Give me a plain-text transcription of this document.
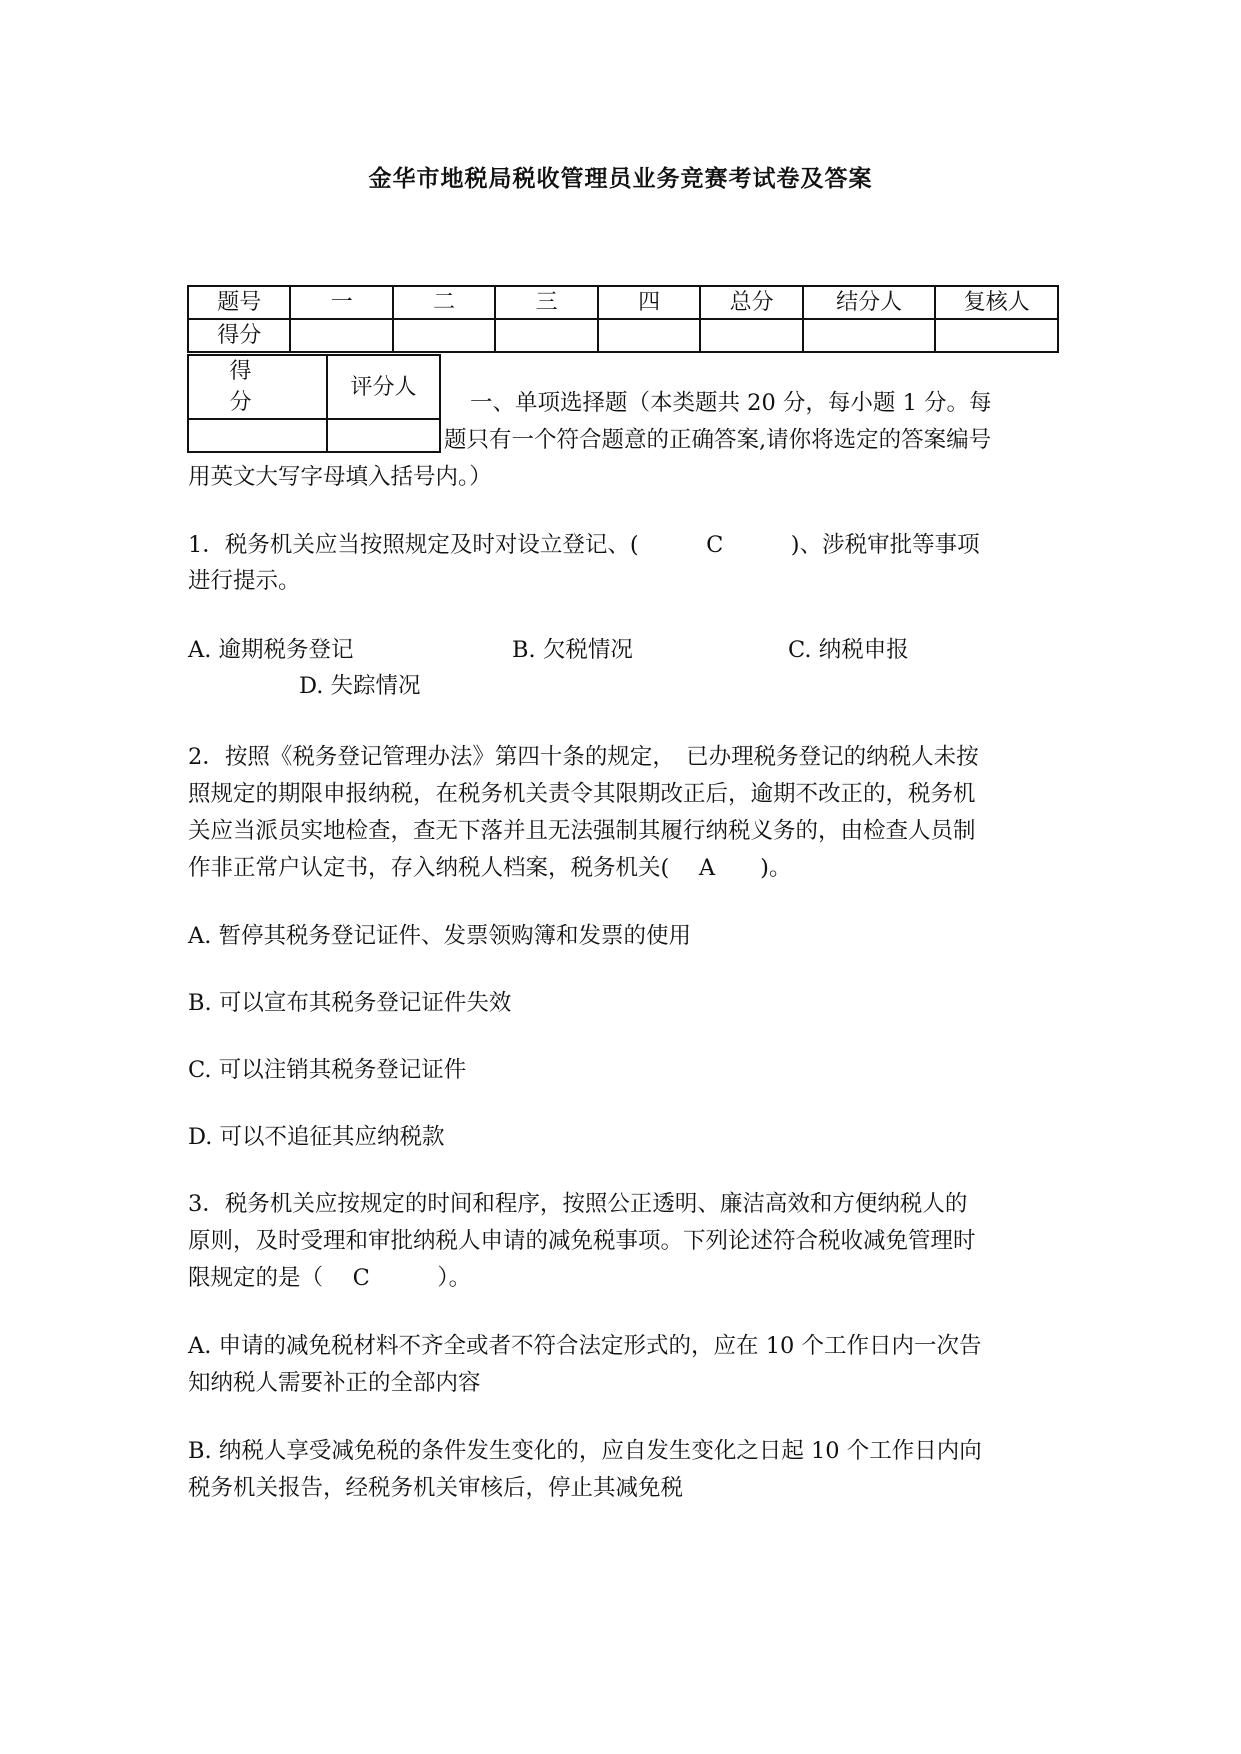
金华市地税局税收管理员业务竞赛考试卷及答案
题号	一	二	三	四	总分	结分人	复核人
得分							
得 分	评分人

一、单项选择题（本类题共 20 分，每小题 1 分。每
题只有一个符合题意的正确答案,请你将选定的答案编号
用英文大写字母填入括号内。）
1．税务机关应当按照规定及时对设立登记、(　　　C　　　)、涉税审批等事项
进行提示。
A. 逾期税务登记	B. 欠税情况	C. 纳税申报
D. 失踪情况
2．按照《税务登记管理办法》第四十条的规定，　已办理税务登记的纳税人未按
照规定的期限申报纳税，在税务机关责令其限期改正后，逾期不改正的，税务机
关应当派员实地检查，查无下落并且无法强制其履行纳税义务的，由检查人员制
作非正常户认定书，存入纳税人档案，税务机关(　 A　　)。
A. 暂停其税务登记证件、发票领购簿和发票的使用
B. 可以宣布其税务登记证件失效
C. 可以注销其税务登记证件
D. 可以不追征其应纳税款
3．税务机关应按规定的时间和程序，按照公正透明、廉洁高效和方便纳税人的
原则，及时受理和审批纳税人申请的减免税事项。下列论述符合税收减免管理时
限规定的是（　 C　　　）。
A. 申请的减免税材料不齐全或者不符合法定形式的，应在 10 个工作日内一次告
知纳税人需要补正的全部内容
B. 纳税人享受减免税的条件发生变化的，应自发生变化之日起 10 个工作日内向
税务机关报告，经税务机关审核后，停止其减免税
